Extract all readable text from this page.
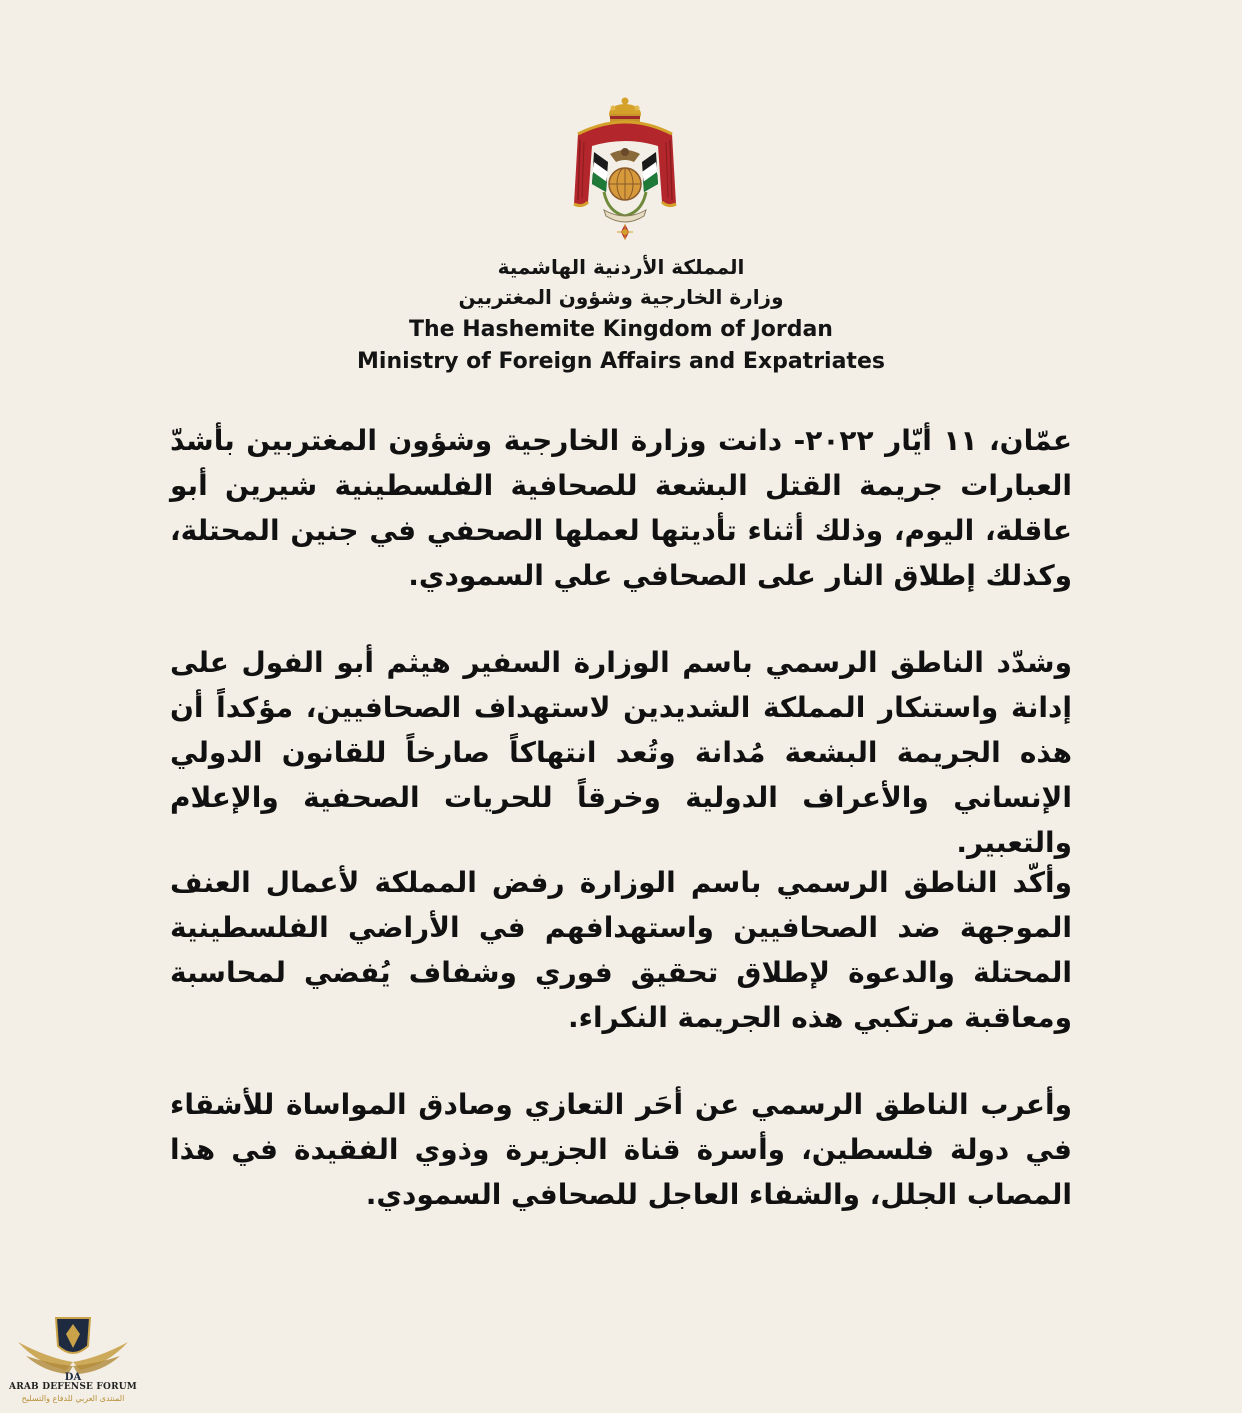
المملكة الأردنية الهاشمية
وزارة الخارجية وشؤون المغتربين
The Hashemite Kingdom of Jordan
Ministry of Foreign Affairs and Expatriates

عمّان، ١١ أيّار ٢٠٢٢- دانت وزارة الخارجية وشؤون المغتربين بأشدّ العبارات جريمة القتل البشعة للصحافية الفلسطينية شيرين أبو عاقلة، اليوم، وذلك أثناء تأديتها لعملها الصحفي في جنين المحتلة، وكذلك إطلاق النار على الصحافي علي السمودي.

وشدّد الناطق الرسمي باسم الوزارة السفير هيثم أبو الفول على إدانة واستنكار المملكة الشديدين لاستهداف الصحافيين، مؤكداً أن هذه الجريمة البشعة مُدانة وتُعد انتهاكاً صارخاً للقانون الدولي الإنساني والأعراف الدولية وخرقاً للحريات الصحفية والإعلام والتعبير.

وأكّد الناطق الرسمي باسم الوزارة رفض المملكة لأعمال العنف الموجهة ضد الصحافيين واستهدافهم في الأراضي الفلسطينية المحتلة والدعوة لإطلاق تحقيق فوري وشفاف يُفضي لمحاسبة ومعاقبة مرتكبي هذه الجريمة النكراء.

وأعرب الناطق الرسمي عن أحَر التعازي وصادق المواساة للأشقاء في دولة فلسطين، وأسرة قناة الجزيرة وذوي الفقيدة في هذا المصاب الجلل، والشفاء العاجل للصحافي السمودي.

DA
ARAB DEFENSE FORUM
المنتدى العربي للدفاع والتسليح
